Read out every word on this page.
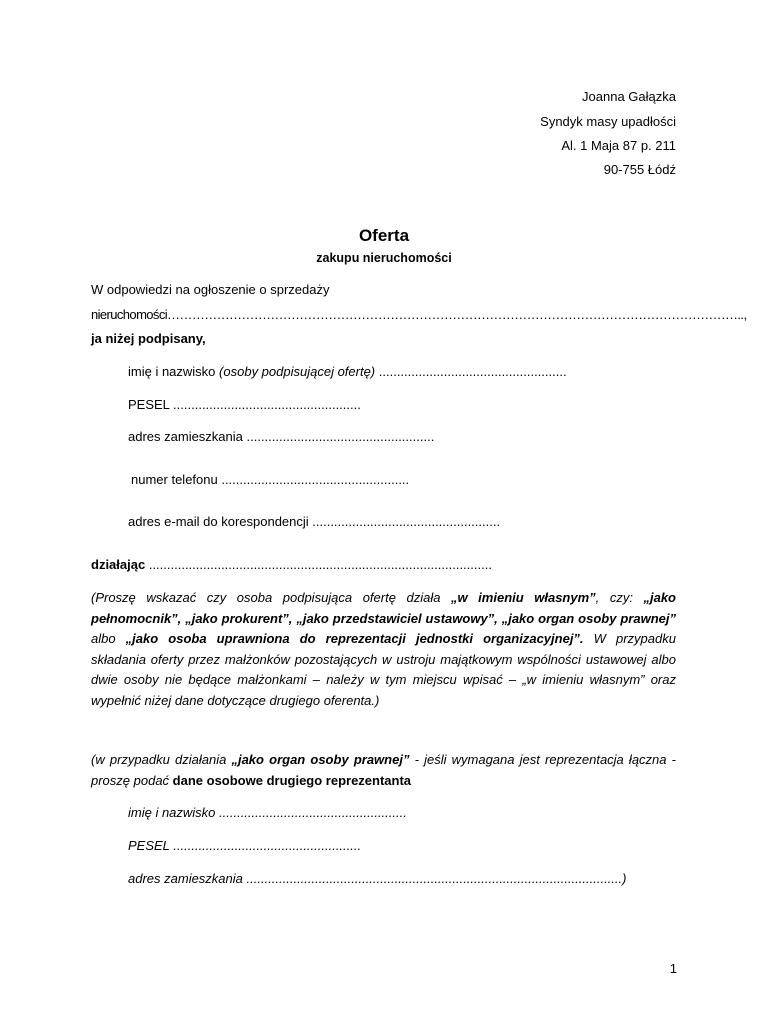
Joanna Gałązka
Syndyk masy upadłości
Al. 1 Maja 87 p. 211
90-755 Łódź
Oferta
zakupu nieruchomości
W odpowiedzi na ogłoszenie o sprzedaży
nieruchomości…………………………………………………………………………………………………………………………..,
ja niżej podpisany,
imię i nazwisko (osoby podpisującej ofertę) ....................................................
PESEL ....................................................
adres zamieszkania ....................................................
numer telefonu ....................................................
adres e-mail do korespondencji ....................................................
działając ...............................................................................................
(Proszę wskazać czy osoba podpisująca ofertę działa „w imieniu własnym”, czy: „jako pełnomocnik”, „jako prokurent”, „jako przedstawiciel ustawowy”, „jako organ osoby prawnej” albo „jako osoba uprawniona do reprezentacji jednostki organizacyjnej”. W przypadku składania oferty przez małżonków pozostających w ustroju majątkowym wspólności ustawowej albo dwie osoby nie będące małżonkami – należy w tym miejscu wpisać – „w imieniu własnym” oraz wypełnić niżej dane dotyczące drugiego oferenta.)
(w przypadku działania „jako organ osoby prawnej” - jeśli wymagana jest reprezentacja łączna - proszę podać dane osobowe drugiego reprezentanta
imię i nazwisko ....................................................
PESEL ....................................................
adres zamieszkania ........................................................................................................)
1
